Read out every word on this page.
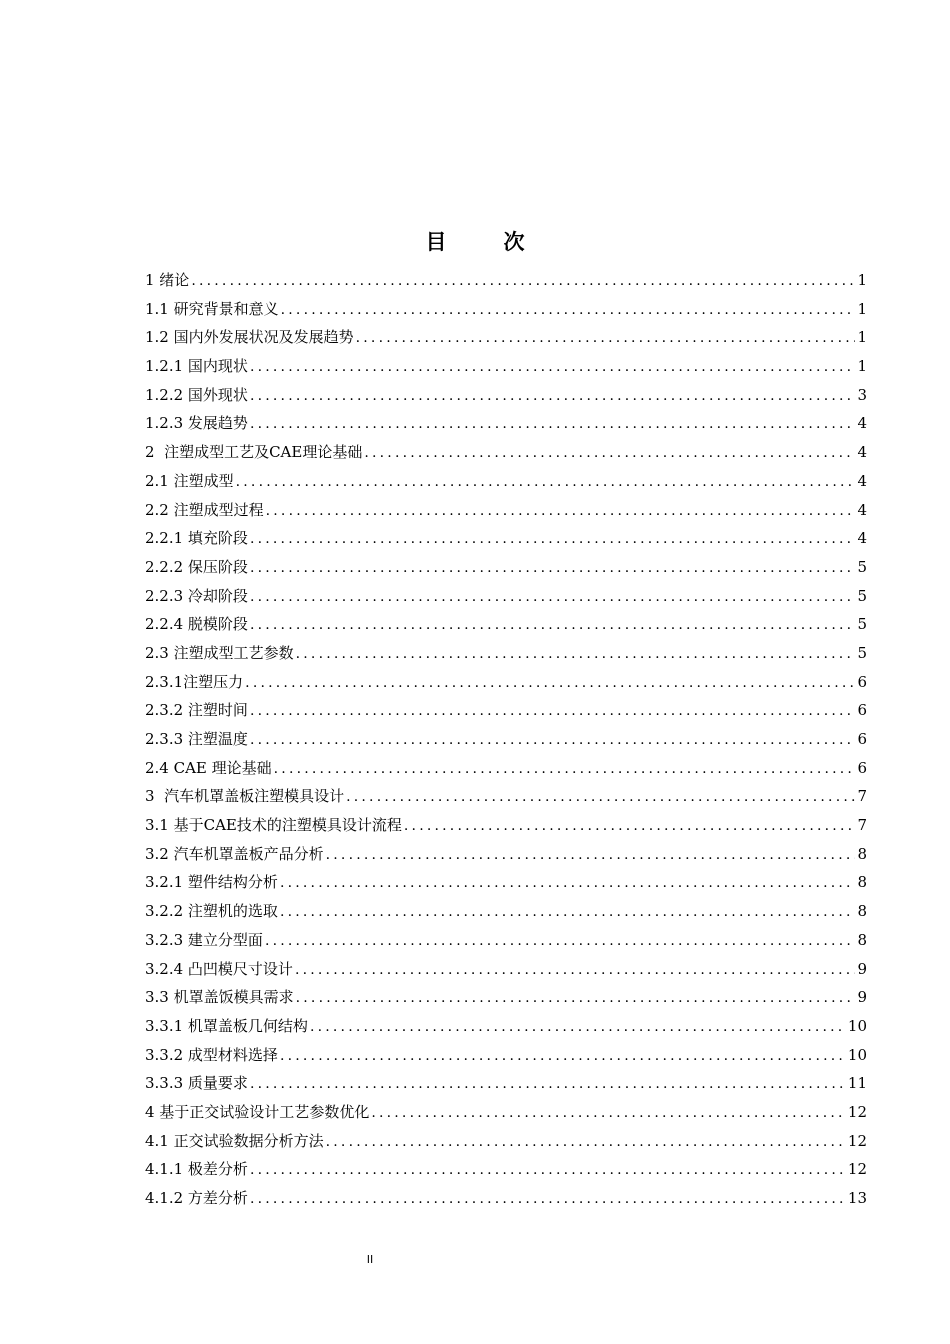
目　次
1 绪论 .....	1
1.1 研究背景和意义 .....	1
1.2 国内外发展状况及发展趋势 .....	1
1.2.1 国内现状 .....	1
1.2.2 国外现状 .....	3
1.2.3 发展趋势 .....	4
2  注塑成型工艺及CAE理论基础 .....	4
2.1 注塑成型 .....	4
2.2 注塑成型过程 .....	4
2.2.1 填充阶段 .....	4
2.2.2 保压阶段 .....	5
2.2.3 冷却阶段 .....	5
2.2.4 脱模阶段 .....	5
2.3 注塑成型工艺参数 .....	5
2.3.1注塑压力 .....	6
2.3.2 注塑时间 .....	6
2.3.3 注塑温度 .....	6
2.4 CAE 理论基础 .....	6
3  汽车机罩盖板注塑模具设计 .....	7
3.1 基于CAE技术的注塑模具设计流程 .....	7
3.2 汽车机罩盖板产品分析 .....	8
3.2.1 塑件结构分析 .....	8
3.2.2 注塑机的选取 .....	8
3.2.3 建立分型面 .....	8
3.2.4 凸凹模尺寸设计 .....	9
3.3 机罩盖饭模具需求 .....	9
3.3.1 机罩盖板几何结构 .....	10
3.3.2 成型材料选择 .....	10
3.3.3 质量要求 .....	11
4 基于正交试验设计工艺参数优化 .....	12
4.1 正交试验数据分析方法 .....	12
4.1.1 极差分析 .....	12
4.1.2 方差分析 .....	13
II
